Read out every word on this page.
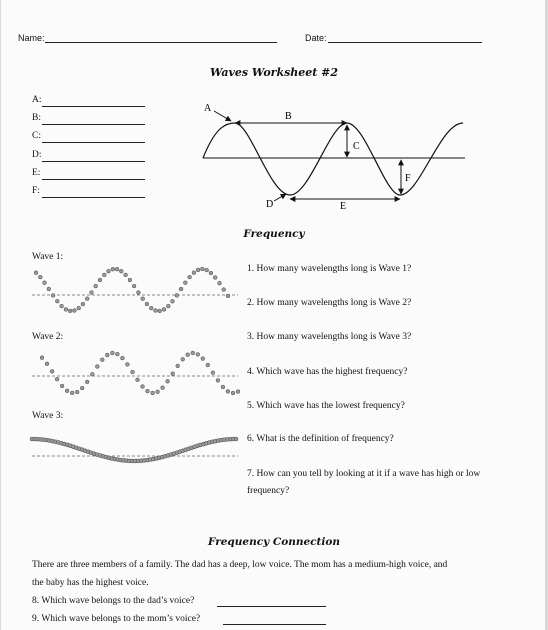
Name:	Date:
Waves Worksheet #2
A:
B:
C:
D:
E:
F:
A
B
C
D	E
F
Frequency
Wave 1:
Wave 2:
Wave 3:
1. How many wavelengths long is Wave 1?
2. How many wavelengths long is Wave 2?
3. How many wavelengths long is Wave 3?
4. Which wave has the highest frequency?
5. Which wave has the lowest frequency?
6. What is the definition of frequency?
7. How can you tell by looking at it if a wave has high or low
frequency?
Frequency Connection
There are three members of a family. The dad has a deep, low voice. The mom has a medium-high voice, and
the baby has the highest voice.
8. Which wave belongs to the dad’s voice?
9. Which wave belongs to the mom’s voice?
